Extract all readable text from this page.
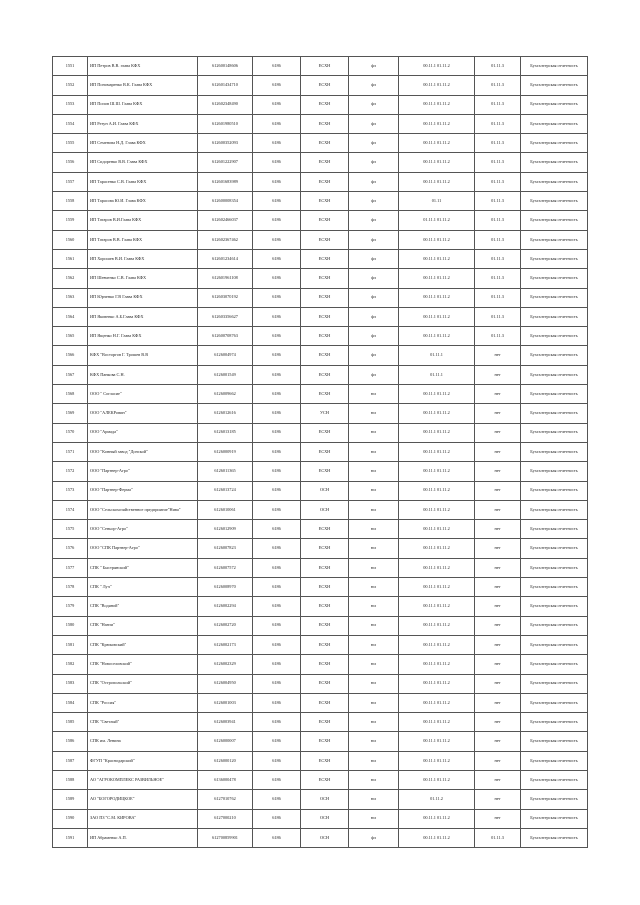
1551	ИП Петров В.В. глава КФХ	612600148606	6186	ЕСХН	фл	00.11.1 01.11.2	01.11.3	Бухгалтерская отчетность
1552	ИП Пономаренко В.К. Глава КФХ	612601434710	6186	ЕСХН	фл	00.11.1 01.11.2	01.11.3	Бухгалтерская отчетность
1553	ИП Попов Ш.Ш. Глава КФХ	612602348490	6186	ЕСХН	фл	00.11.1 01.11.2	01.11.3	Бухгалтерская отчетность
1554	ИП Резун А.И. Глава КФХ	612601980510	6186	ЕСХН	фл	00.11.1 01.11.2	01.11.3	Бухгалтерская отчетность
1555	ИП Семенова Н.Д. Глава КФХ	612600352093	6186	ЕСХН	фл	00.11.1 01.11.2	01.11.3	Бухгалтерская отчетность
1556	ИП Сидоренко В.В. Глава КФХ	612601222907	6186	ЕСХН	фл	00.11.1 01.11.2	01.11.3	Бухгалтерская отчетность
1557	ИП Тарасенко С.В. Глава КФХ	612601683989	6186	ЕСХН	фл	00.11.1 01.11.2	01.11.3	Бухгалтерская отчетность
1558	ИП Тарасова Ю.И. Глава КФХ	612600008354	6186	ЕСХН	фл	01.11	01.11.3	Бухгалтерская отчетность
1559	ИП Татаров В.И.Глава КФХ	612602466037	6186	ЕСХН	фл	01.11.1 01.11.2	01.11.3	Бухгалтерская отчетность
1560	ИП Татаров В.В. Глава КФХ	612602367462	6186	ЕСХН	фл	00.11.1 01.11.2	01.11.3	Бухгалтерская отчетность
1561	ИП Хорошев В.И. Глава КФХ	612601234614	6186	ЕСХН	фл	00.11.1 01.11.2	01.11.3	Бухгалтерская отчетность
1562	ИП Шевченко С.В. Глава КФХ	612601961108	6186	ЕСХН	фл	00.11.1 01.11.2	01.11.3	Бухгалтерская отчетность
1563	ИП Юрченко Г.В Глава КФХ	612603070192	6186	ЕСХН	фл	00.11.1 01.11.2	01.11.3	Бухгалтерская отчетность
1564	ИП Яковенко А.Б.Глава КФХ	612603356627	6186	ЕСХН	фл	00.11.1 01.11.2	01.11.3	Бухгалтерская отчетность
1565	ИП Ященко Н.Г. Глава КФХ	612600708763	6186	ЕСХН	фл	00.11.1 01.11.2	01.11.3	Бухгалтерская отчетность
1566	КФХ "Восторгов Г. Трошев В.В	6126004974	6186	ЕСХН	фл	01.11.1	нет	Бухгалтерская отчетность
1567	КФХ Панкова С.Н.	6126001549	6186	ЕСХН	фл	01.11.1	нет	Бухгалтерская отчетность
1568	ООО " Согласие"	6126009662	6186	ЕСХН	юл	00.11.1 01.11.2	нет	Бухгалтерская отчетность
1569	ООО "АЛЕКРовин"	6126012616	6186	УСН	юл	00.11.1 01.11.2	нет	Бухгалтерская отчетность
1570	ООО "Армада"	6126013185	6186	ЕСХН	юл	00.11.1 01.11.2	нет	Бухгалтерская отчетность
1571	ООО "Конный завод "Донской"	6126000919	6186	ЕСХН	юл	00.11.1 01.11.2	нет	Бухгалтерская отчетность
1572	ООО "Партнер-Агро"	6126011365	6186	ЕСХН	юл	00.11.1 01.11.2	нет	Бухгалтерская отчетность
1573	ООО "Партнер-Ферма"	6126013724	6186	ОСН	юл	00.11.1 01.11.2	нет	Бухгалтерская отчетность
1574	ООО "Сельскохозяйственное предприятие"Нива"	6126010061	6186	ОСН	юл	00.11.1 01.11.2	нет	Бухгалтерская отчетность
1575	ООО "Сеньор-Агро"	6126012909	6186	ЕСХН	юл	00.11.1 01.11.2	нет	Бухгалтерская отчетность
1576	ООО "СПК Партнер-Агро"	6126007823	6186	ЕСХН	юл	00.11.1 01.11.2	нет	Бухгалтерская отчетность
1577	СПК " Быстрянский"	6126007572	6186	ЕСХН	юл	00.11.1 01.11.2	нет	Бухгалтерская отчетность
1578	СПК " Луч"	6126008970	6186	ЕСХН	юл	00.11.1 01.11.2	нет	Бухгалтерская отчетность
1579	СПК "Водяной"	6126002294	6186	ЕСХН	юл	00.11.1 01.11.2	нет	Бухгалтерская отчетность
1580	СПК "Нанзи"	6126002720	6186	ЕСХН	юл	00.11.1 01.11.2	нет	Бухгалтерская отчетность
1581	СПК "Крюковский"	6126002173	6186	ЕСХН	юл	00.11.1 01.11.2	нет	Бухгалтерская отчетность
1582	СПК "Новоселовский"	6126002329	6186	ЕСХН	юл	00.11.1 01.11.2	нет	Бухгалтерская отчетность
1583	СПК "Остропольский"	6126004950	6186	ЕСХН	юл	00.11.1 01.11.2	нет	Бухгалтерская отчетность
1584	СПК "Россия"	6126001003	6186	ЕСХН	юл	00.11.1 01.11.2	нет	Бухгалтерская отчетность
1585	СПК "Светлый"	6126003941	6186	ЕСХН	юл	00.11.1 01.11.2	нет	Бухгалтерская отчетность
1586	СПК им. Ленина	6126000007	6186	ЕСХН	юл	00.11.1 01.11.2	нет	Бухгалтерская отчетность
1587	ФГУП "Краснодарский"	6126000120	6186	ЕСХН	юл	00.11.1 01.11.2	нет	Бухгалтерская отчетность
1588	АО "АГРОКОМПЛЕКС РАЗВИЛЬНОЕ"	6136000478	6186	ЕСХН	юл	00.11.1 01.11.2	нет	Бухгалтерская отчетность
1589	АО "БОГОРОДИЦКОЕ"	6127010762	6186	ОСН	юл	01.11.2	нет	Бухгалтерская отчетность
1590	ЗАО ПЗ "С.М. КИРОВА"	6127000210	6186	ОСН	юл	00.11.1 01.11.2	нет	Бухгалтерская отчетность
1591	ИП Абраменко А.П.	612700859901	6186	ОСН	фл	00.11.1 01.11.2	01.11.3	Бухгалтерская отчетность
